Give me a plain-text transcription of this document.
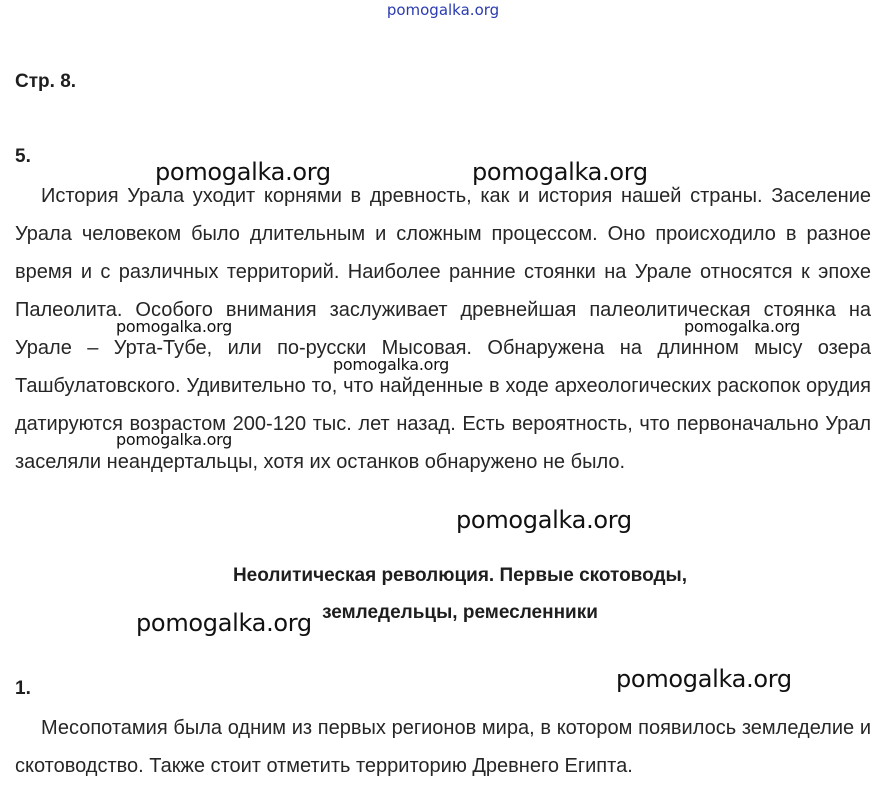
pomogalka.org
Стр. 8.
5.

История Урала уходит корнями в древность, как и история нашей страны. Заселение Урала человеком было длительным и сложным процессом. Оно происходило в разное время и с различных территорий. Наиболее ранние стоянки на Урале относятся к эпохе Палеолита. Особого внимания заслуживает древнейшая палеолитическая стоянка на Урале – Урта-Тубе, или по-русски Мысовая. Обнаружена на длинном мысу озера Ташбулатовского. Удивительно то, что найденные в ходе археологических раскопок орудия датируются возрастом 200-120 тыс. лет назад. Есть вероятность, что первоначально Урал заселяли неандертальцы, хотя их останков обнаружено не было.

Неолитическая революция. Первые скотоводы,

земледельцы, ремесленники

1.

Месопотамия была одним из первых регионов мира, в котором появилось земледелие и скотоводство. Также стоит отметить территорию Древнего Египта.

pomogalka.org	pomogalka.org
pomogalka.org	pomogalka.org
pomogalka.org
pomogalka.org
pomogalka.org
pomogalka.org
pomogalka.org
